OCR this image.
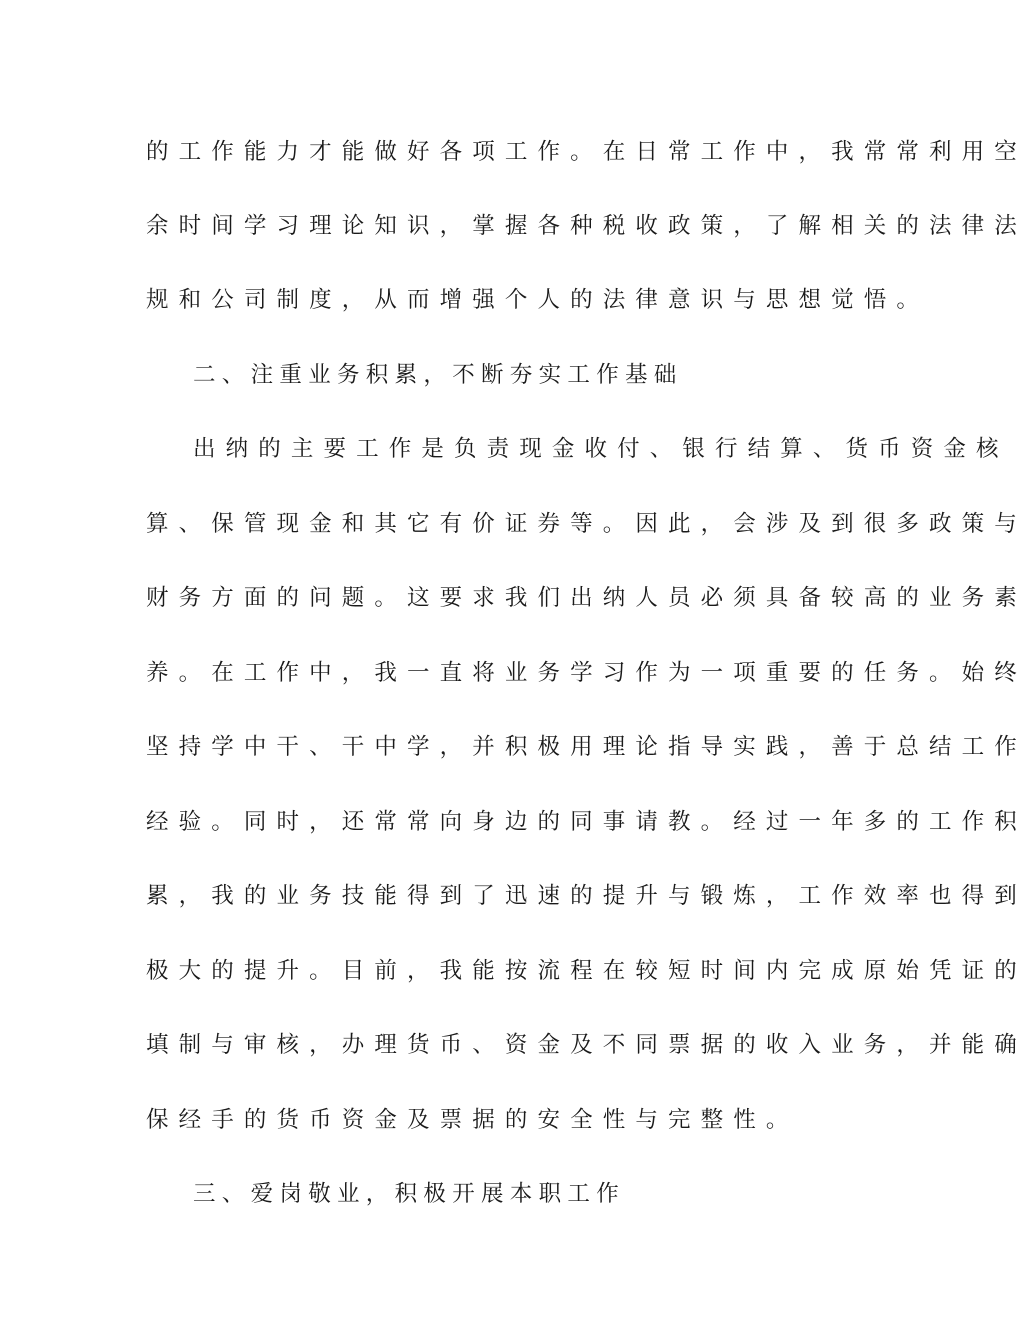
的工作能力才能做好各项工作。在日常工作中，我常常利用空
余时间学习理论知识，掌握各种税收政策，了解相关的法律法
规和公司制度，从而增强个人的法律意识与思想觉悟。
二、注重业务积累，不断夯实工作基础
出纳的主要工作是负责现金收付、银行结算、货币资金核
算、保管现金和其它有价证券等。因此，会涉及到很多政策与
财务方面的问题。这要求我们出纳人员必须具备较高的业务素
养。在工作中，我一直将业务学习作为一项重要的任务。始终
坚持学中干、干中学，并积极用理论指导实践，善于总结工作
经验。同时，还常常向身边的同事请教。经过一年多的工作积
累，我的业务技能得到了迅速的提升与锻炼，工作效率也得到
极大的提升。目前，我能按流程在较短时间内完成原始凭证的
填制与审核，办理货币、资金及不同票据的收入业务，并能确
保经手的货币资金及票据的安全性与完整性。
三、爱岗敬业，积极开展本职工作
